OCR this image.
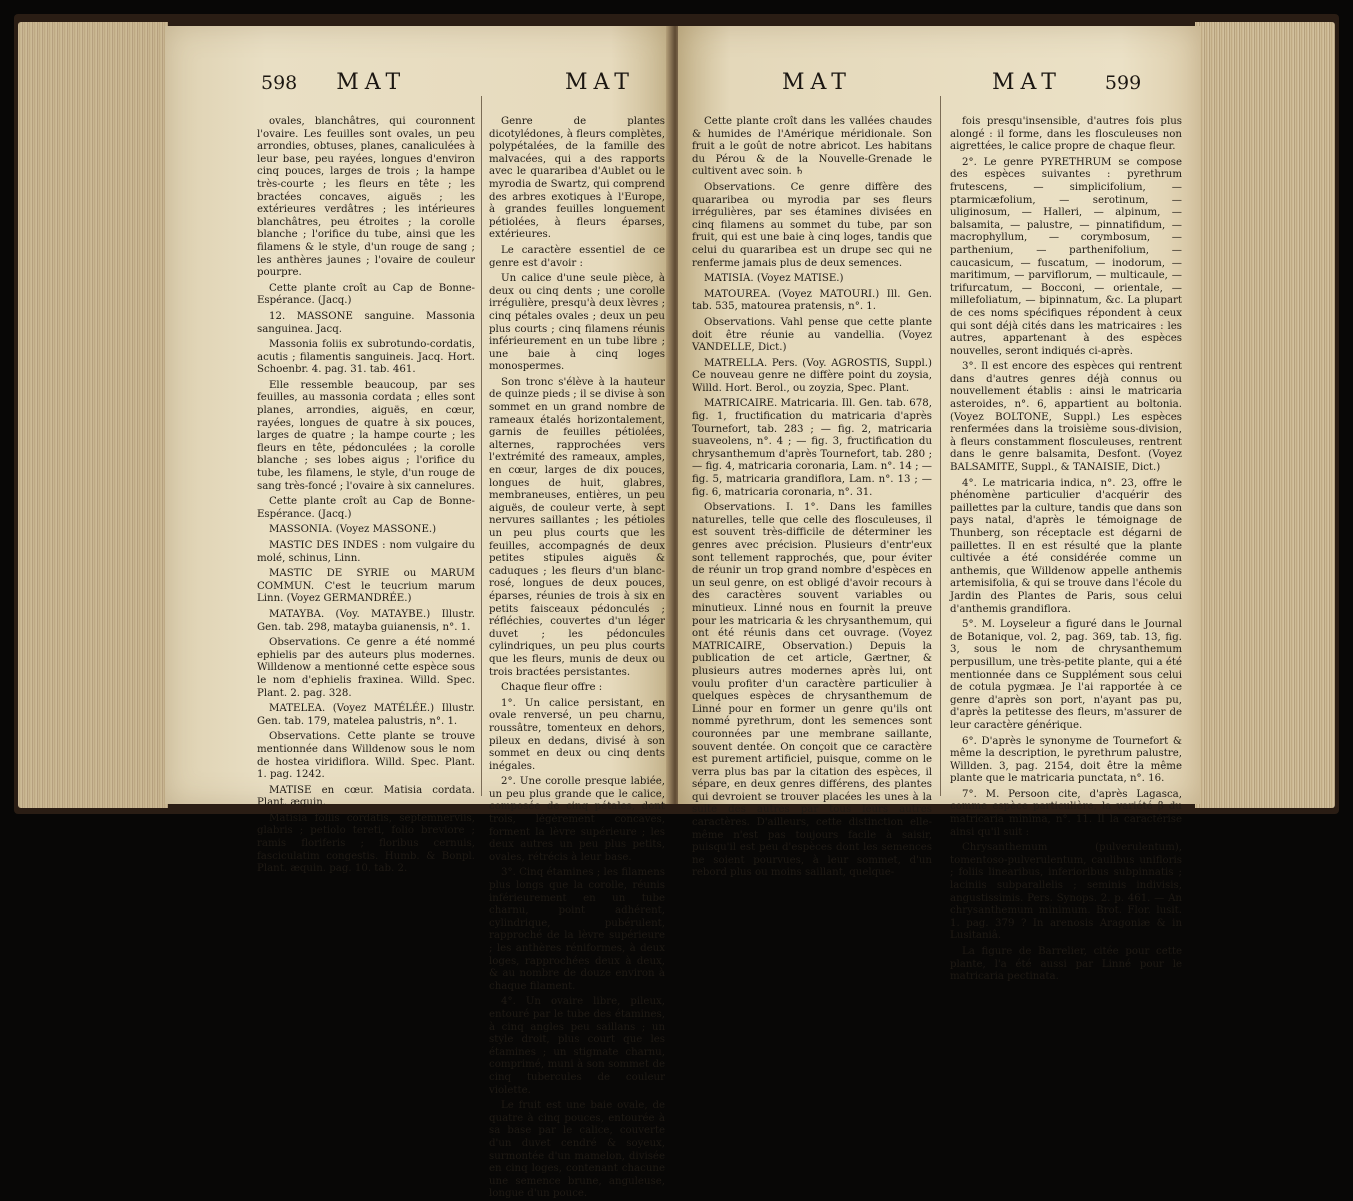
598 MAT	MAT

ovales, blanchâtres, qui couronnent l'ovaire. Les feuilles sont ovales, un peu arrondies, obtuses, planes, canaliculées à leur base, peu rayées, longues d'environ cinq pouces, larges de trois ; la hampe très-courte ; les fleurs en tête ; les bractées concaves, aiguës ; les extérieures verdâtres ; les intérieures blanchâtres, peu étroites ; la corolle blanche ; l'orifice du tube, ainsi que les filamens & le style, d'un rouge de sang ; les anthères jaunes ; l'ovaire de couleur pourpre.

Cette plante croît au Cap de Bonne-Espérance. (Jacq.)

12. MASSONE sanguine. Massonia sanguinea. Jacq.

Massonia foliis ex subrotundo-cordatis, acutis ; filamentis sanguineis. Jacq. Hort. Schoenbr. 4. pag. 31. tab. 461.

Elle ressemble beaucoup, par ses feuilles, au massonia cordata ; elles sont planes, arrondies, aiguës, en cœur, rayées, longues de quatre à six pouces, larges de quatre ; la hampe courte ; les fleurs en tête, pédonculées ; la corolle blanche ; ses lobes aigus ; l'orifice du tube, les filamens, le style, d'un rouge de sang très-foncé ; l'ovaire à six cannelures.

Cette plante croît au Cap de Bonne-Espérance. (Jacq.)

MASSONIA. (Voyez MASSONE.)

MASTIC DES INDES : nom vulgaire du molé, schinus, Linn.

MASTIC DE SYRIE ou MARUM COMMUN. C'est le teucrium marum Linn. (Voyez GERMANDRÉE.)

MATAYBA. (Voy. MATAYBE.) Illustr. Gen. tab. 298, matayba guianensis, n°. 1.

Observations. Ce genre a été nommé ephielis par des auteurs plus modernes. Willdenow a mentionné cette espèce sous le nom d'ephielis fraxinea. Willd. Spec. Plant. 2. pag. 328.

MATELEA. (Voyez MATÉLÉE.) Illustr. Gen. tab. 179, matelea palustris, n°. 1.

Observations. Cette plante se trouve mentionnée dans Willdenow sous le nom de hostea viridiflora. Willd. Spec. Plant. 1. pag. 1242.

MATISE en cœur. Matisia cordata. Plant. æquin.

Matisia foliis cordatis, septemnerviis, glabris ; petiolo tereti, folio breviore ; ramis floriferis ; floribus cernuis, fasciculatim congestis. Humb. & Bonpl. Plant. æquin. pag. 10. tab. 2.

Genre de plantes dicotylédones, à fleurs complètes, polypétalées, de la famille des malvacées, qui a des rapports avec le quararibea d'Aublet ou le myrodia de Swartz, qui comprend des arbres exotiques à l'Europe, à grandes feuilles longuement pétiolées, à fleurs éparses, extérieures.

Le caractère essentiel de ce genre est d'avoir :

Un calice d'une seule pièce, à deux ou cinq dents ; une corolle irrégulière, presqu'à deux lèvres ; cinq pétales ovales ; deux un peu plus courts ; cinq filamens réunis inférieurement en un tube libre ; une baie à cinq loges monospermes.

Son tronc s'élève à la hauteur de quinze pieds ; il se divise à son sommet en un grand nombre de rameaux étalés horizontalement, garnis de feuilles pétiolées, alternes, rapprochées vers l'extrémité des rameaux, amples, en cœur, larges de dix pouces, longues de huit, glabres, membraneuses, entières, un peu aiguës, de couleur verte, à sept nervures saillantes ; les pétioles un peu plus courts que les feuilles, accompagnés de deux petites stipules aiguës & caduques ; les fleurs d'un blanc-rosé, longues de deux pouces, éparses, réunies de trois à six en petits faisceaux pédonculés ; réfléchies, couvertes d'un léger duvet ; les pédoncules cylindriques, un peu plus courts que les fleurs, munis de deux ou trois bractées persistantes.

Chaque fleur offre :

1°. Un calice persistant, en ovale renversé, un peu charnu, roussâtre, tomenteux en dehors, pileux en dedans, divisé à son sommet en deux ou cinq dents inégales.

2°. Une corolle presque labiée, un peu plus grande que le calice, composée de cinq pétales, dont trois, légèrement concaves, forment la lèvre supérieure ; les deux autres un peu plus petits, ovales, rétrécis à leur base.

3°. Cinq étamines ; les filamens plus longs que la corolle, réunis inférieurement en un tube charnu, point adhérent, cylindrique, pubérulent, rapproché de la lèvre supérieure ; les anthères réniformes, à deux loges, rapprochées deux à deux, & au nombre de douze environ à chaque filament.

4°. Un ovaire libre, pileux, entouré par le tube des étamines, à cinq angles peu saillans ; un style droit, plus court que les étamines ; un stigmate charnu, comprimé, muni à son sommet de cinq tubercules de couleur violette.

Le fruit est une baie ovale, de quatre à cinq pouces, entourée à sa base par le calice, couverte d'un duvet cendré & soyeux, surmontée d'un mamelon, divisée en cinq loges, contenant chacune une semence brune, anguleuse, longue d'un pouce.

MAT	MAT 599

Cette plante croît dans les vallées chaudes & humides de l'Amérique méridionale. Son fruit a le goût de notre abricot. Les habitans du Pérou & de la Nouvelle-Grenade le cultivent avec soin. ♄

Observations. Ce genre diffère des quararibea ou myrodia par ses fleurs irrégulières, par ses étamines divisées en cinq filamens au sommet du tube, par son fruit, qui est une baie à cinq loges, tandis que celui du quararibea est un drupe sec qui ne renferme jamais plus de deux semences.

MATISIA. (Voyez MATISE.)

MATOUREA. (Voyez MATOURI.) Ill. Gen. tab. 535, matourea pratensis, n°. 1.

Observations. Vahl pense que cette plante doit être réunie au vandellia. (Voyez VANDELLE, Dict.)

MATRELLA. Pers. (Voy. AGROSTIS, Suppl.) Ce nouveau genre ne diffère point du zoysia, Willd. Hort. Berol., ou zoyzia, Spec. Plant.

MATRICAIRE. Matricaria. Ill. Gen. tab. 678, fig. 1, fructification du matricaria d'après Tournefort, tab. 283 ; — fig. 2, matricaria suaveolens, n°. 4 ; — fig. 3, fructification du chrysanthemum d'après Tournefort, tab. 280 ; — fig. 4, matricaria coronaria, Lam. n°. 14 ; — fig. 5, matricaria grandiflora, Lam. n°. 13 ; — fig. 6, matricaria coronaria, n°. 31.

Observations. I. 1°. Dans les familles naturelles, telle que celle des flosculeuses, il est souvent très-difficile de déterminer les genres avec précision. Plusieurs d'entr'eux sont tellement rapprochés, que, pour éviter de réunir un trop grand nombre d'espèces en un seul genre, on est obligé d'avoir recours à des caractères souvent variables ou minutieux. Linné nous en fournit la preuve pour les matricaria & les chrysanthemum, qui ont été réunis dans cet ouvrage. (Voyez MATRICAIRE, Observation.) Depuis la publication de cet article, Gærtner, & plusieurs autres modernes après lui, ont voulu profiter d'un caractère particulier à quelques espèces de chrysanthemum de Linné pour en former un genre qu'ils ont nommé pyrethrum, dont les semences sont couronnées par une membrane saillante, souvent dentée. On conçoit que ce caractère est purement artificiel, puisque, comme on le verra plus bas par la citation des espèces, il sépare, en deux genres différens, des plantes qui devroient se trouver placées les unes à la suite des autres par tous leurs autres caractères. D'ailleurs, cette distinction elle-même n'est pas toujours facile à saisir, puisqu'il est peu d'espèces dont les semences ne soient pourvues, à leur sommet, d'un rebord plus ou moins saillant, quelque-

fois presqu'insensible, d'autres fois plus alongé : il forme, dans les flosculeuses non aigrettées, le calice propre de chaque fleur.

2°. Le genre PYRETHRUM se compose des espèces suivantes : pyrethrum frutescens, — simplicifolium, — ptarmicæfolium, — serotinum, — uliginosum, — Halleri, — alpinum, — balsamita, — palustre, — pinnatifidum, — macrophyllum, — corymbosum, — parthenium, — parthenifolium, — caucasicum, — fuscatum, — inodorum, — maritimum, — parviflorum, — multicaule, — trifurcatum, — Bocconi, — orientale, — millefoliatum, — bipinnatum, &c. La plupart de ces noms spécifiques répondent à ceux qui sont déjà cités dans les matricaires : les autres, appartenant à des espèces nouvelles, seront indiqués ci-après.

3°. Il est encore des espèces qui rentrent dans d'autres genres déjà connus ou nouvellement établis : ainsi le matricaria asteroides, n°. 6, appartient au boltonia. (Voyez BOLTONE, Suppl.) Les espèces renfermées dans la troisième sous-division, à fleurs constamment flosculeuses, rentrent dans le genre balsamita, Desfont. (Voyez BALSAMITE, Suppl., & TANAISIE, Dict.)

4°. Le matricaria indica, n°. 23, offre le phénomène particulier d'acquérir des paillettes par la culture, tandis que dans son pays natal, d'après le témoignage de Thunberg, son réceptacle est dégarni de paillettes. Il en est résulté que la plante cultivée a été considérée comme un anthemis, que Willdenow appelle anthemis artemisifolia, & qui se trouve dans l'école du Jardin des Plantes de Paris, sous celui d'anthemis grandiflora.

5°. M. Loyseleur a figuré dans le Journal de Botanique, vol. 2, pag. 369, tab. 13, fig. 3, sous le nom de chrysanthemum perpusillum, une très-petite plante, qui a été mentionnée dans ce Supplément sous celui de cotula pygmæa. Je l'ai rapportée à ce genre d'après son port, n'ayant pas pu, d'après la petitesse des fleurs, m'assurer de leur caractère générique.

6°. D'après le synonyme de Tournefort & même la description, le pyrethrum palustre, Willden. 3, pag. 2154, doit être la même plante que le matricaria punctata, n°. 16.

7°. M. Persoon cite, d'après Lagasca, comme espèce particulière, la variété β du matricaria minima, n°. 11. Il la caractérise ainsi qu'il suit :

Chrysanthemum (pulverulentum), tomentoso-pulverulentum, caulibus unifloris ; foliis linearibus, inferioribus subpinnatis ; laciniis subparallelis ; seminis indivisis, angustissimis. Pers. Synops. 2. p. 461. — An chrysanthemum minimum. Brot. Flor. lusit. 1. pag. 379 ? In arenosis Aragoniæ & in Lusitaniâ.

La figure de Barrelier, citée pour cette plante, l'a été aussi par Linné pour le matricaria pectinata.
